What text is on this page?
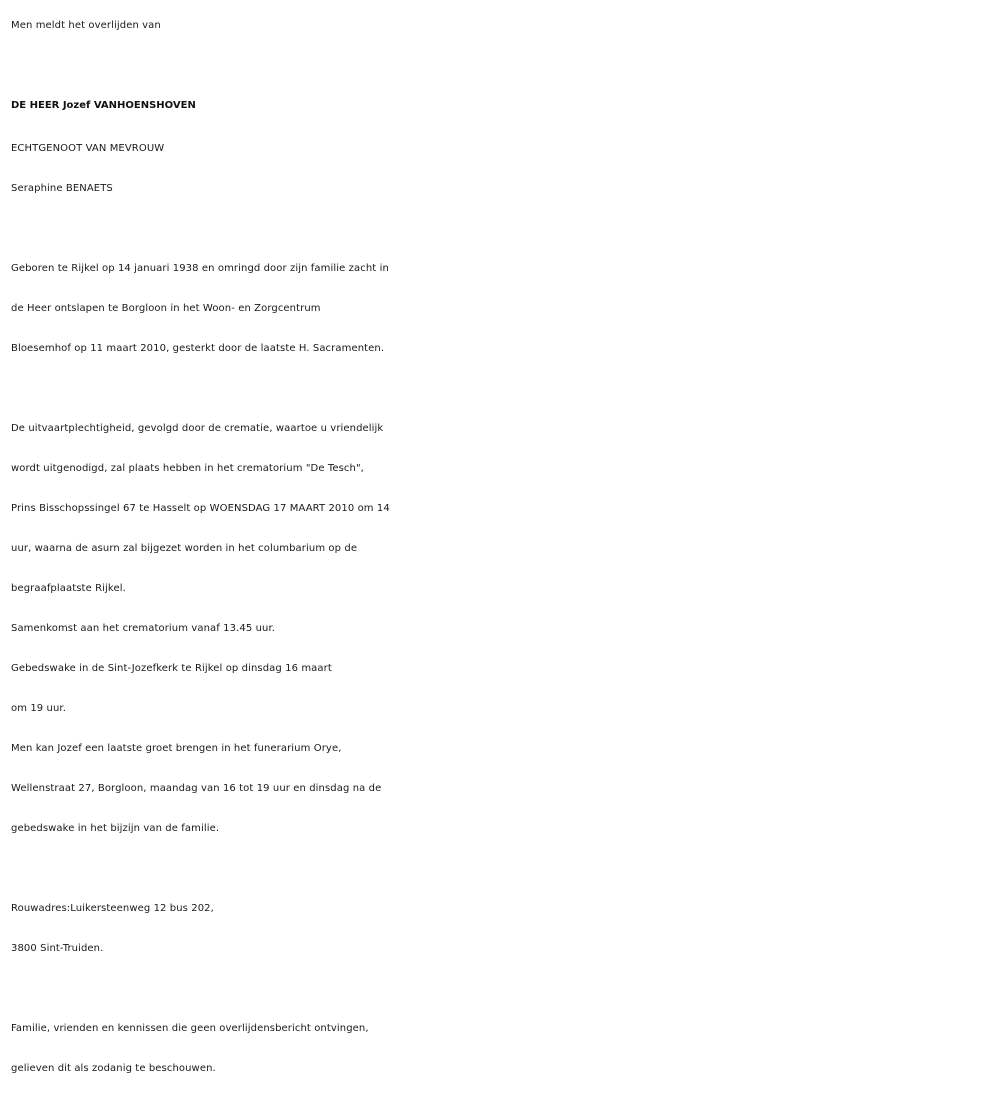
Men meldt het overlijden van
DE HEER Jozef VANHOENSHOVEN
ECHTGENOOT VAN MEVROUW
Seraphine BENAETS
Geboren te Rijkel op 14 januari 1938 en omringd door zijn familie zacht in
de Heer ontslapen te Borgloon in het Woon- en Zorgcentrum
Bloesemhof op 11 maart 2010, gesterkt door de laatste H. Sacramenten.
De uitvaartplechtigheid, gevolgd door de crematie, waartoe u vriendelijk
wordt uitgenodigd, zal plaats hebben in het crematorium "De Tesch",
Prins Bisschopssingel 67 te Hasselt op WOENSDAG 17 MAART 2010 om 14
uur, waarna de asurn zal bijgezet worden in het columbarium op de
begraafplaatste Rijkel.
Samenkomst aan het crematorium vanaf 13.45 uur.
Gebedswake in de Sint-Jozefkerk te Rijkel op dinsdag 16 maart
om 19 uur.
Men kan Jozef een laatste groet brengen in het funerarium Orye,
Wellenstraat 27, Borgloon, maandag van 16 tot 19 uur en dinsdag na de
gebedswake in het bijzijn van de familie.
Rouwadres:Luikersteenweg 12 bus 202,
3800 Sint-Truiden.
Familie, vrienden en kennissen die geen overlijdensbericht ontvingen,
gelieven dit als zodanig te beschouwen.
